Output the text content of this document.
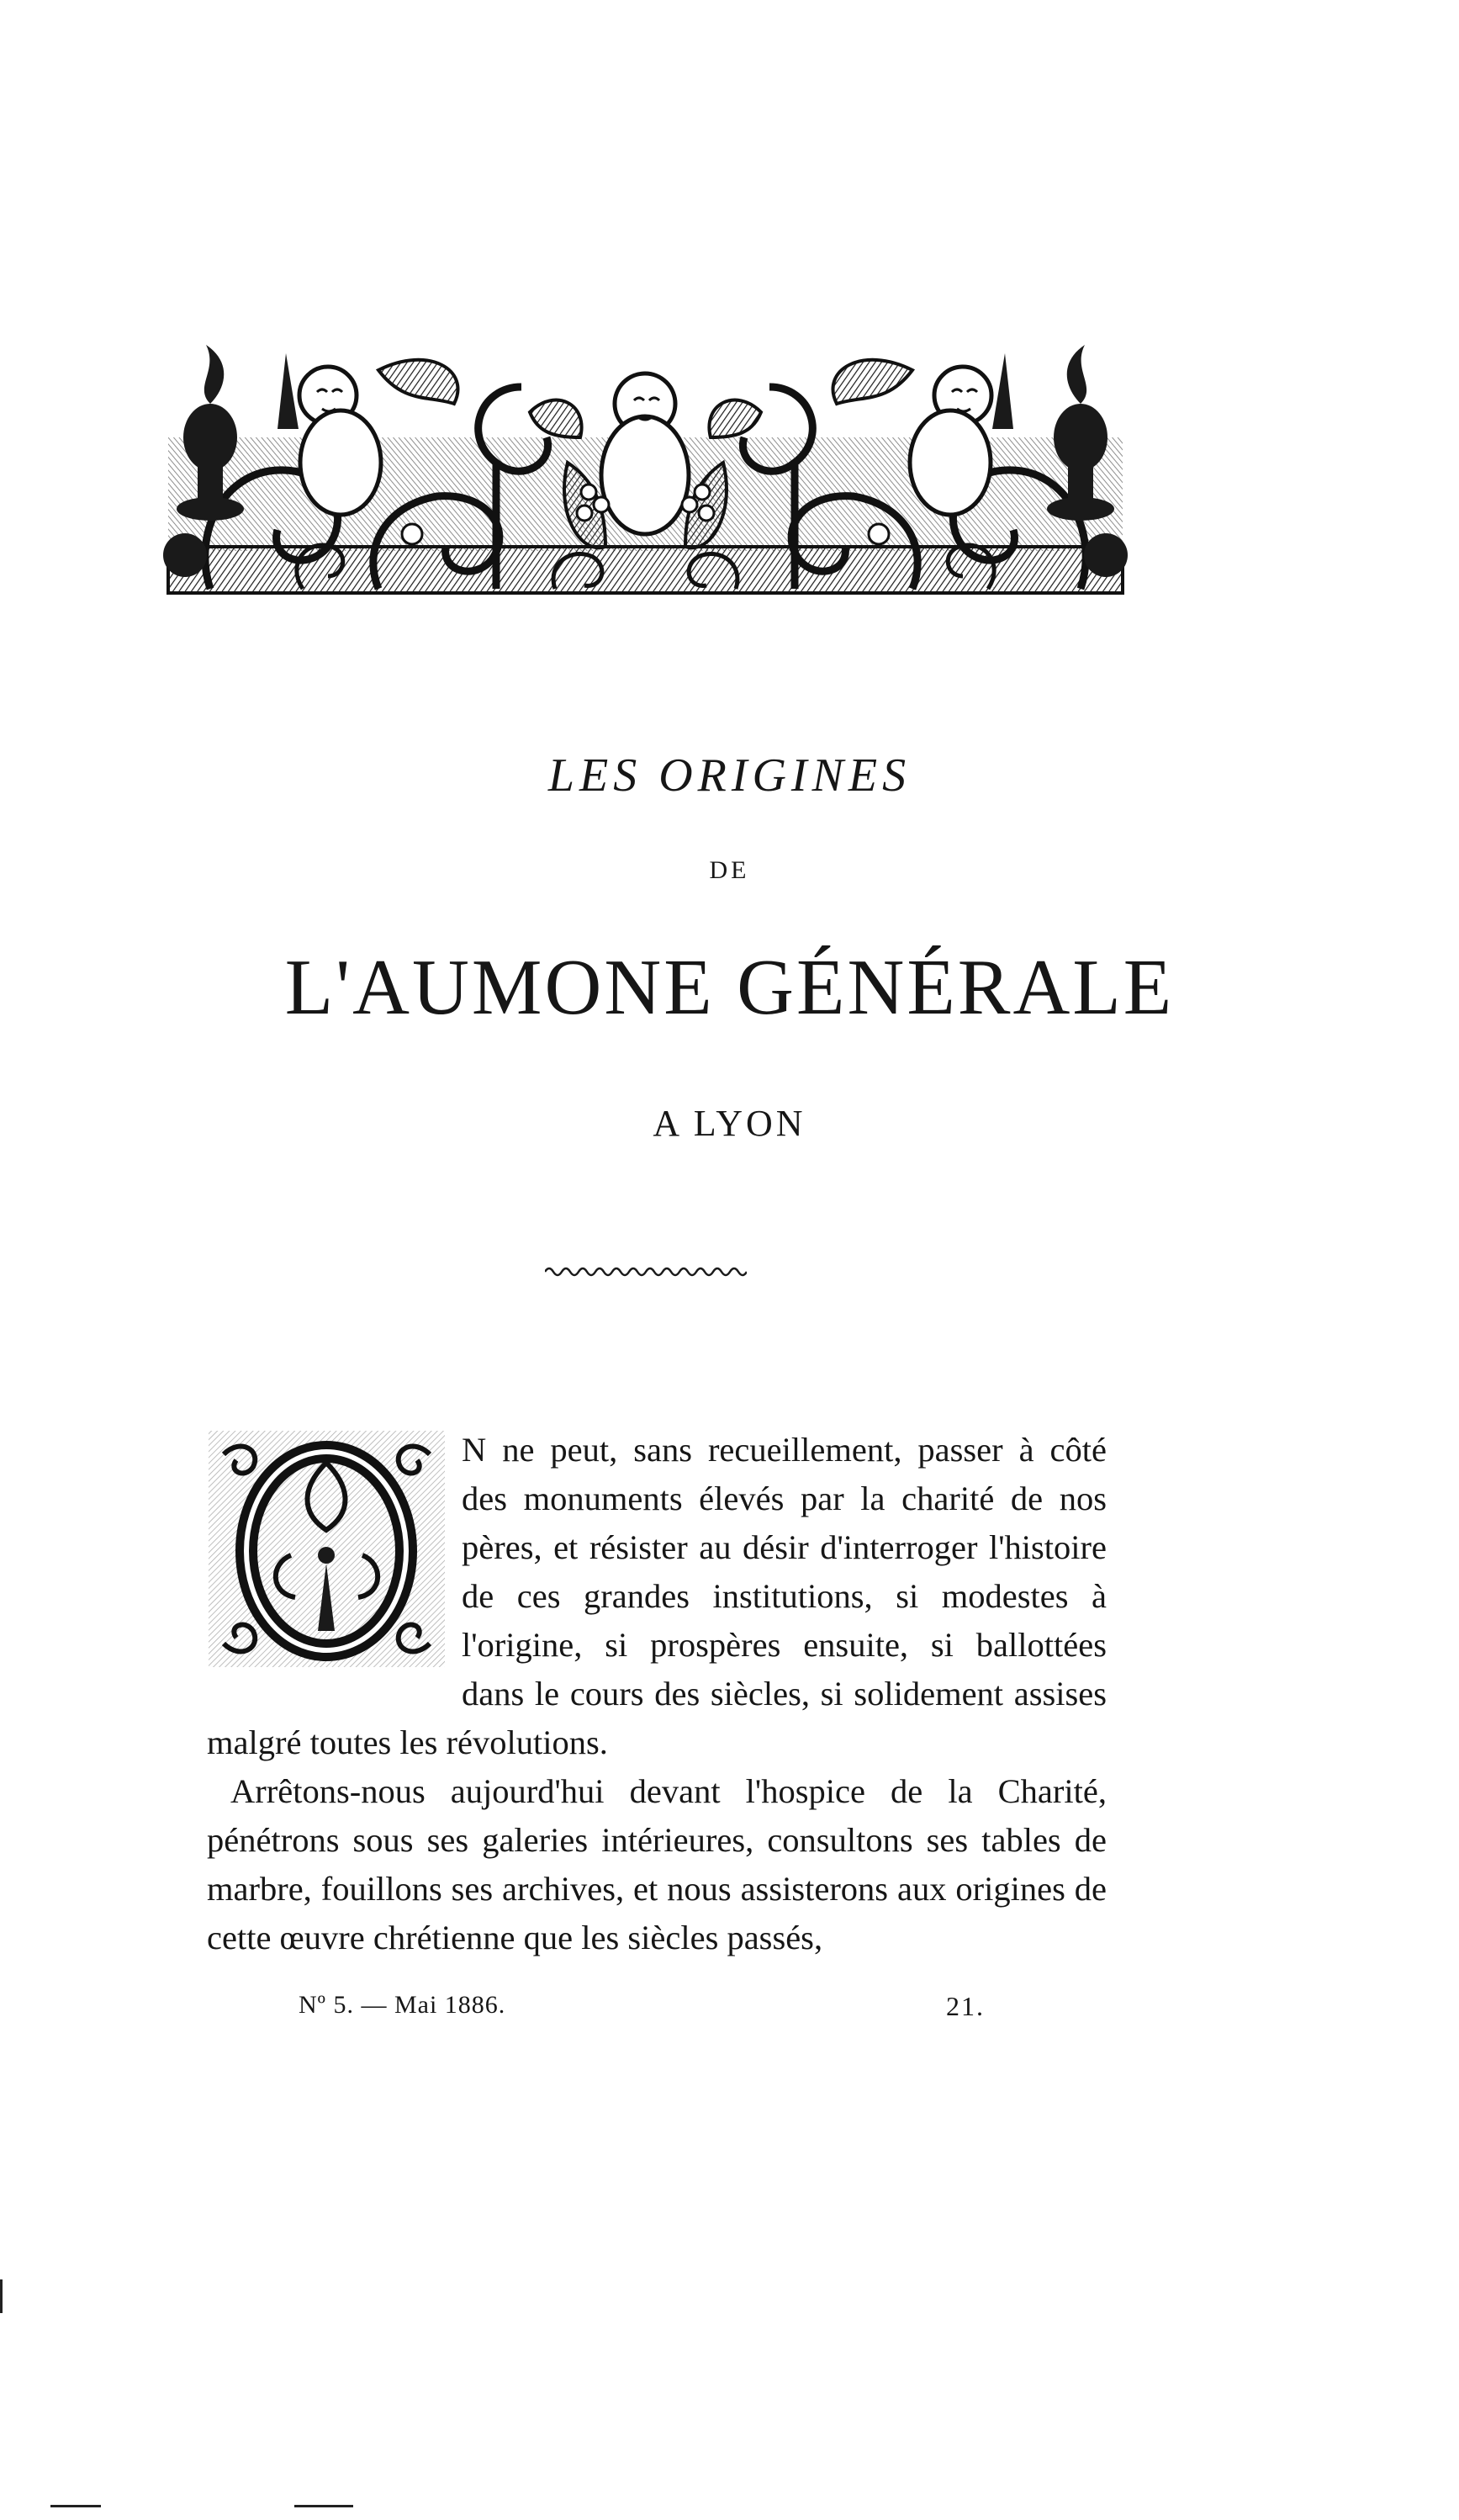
LES ORIGINES
DE
L'AUMONE GÉNÉRALE
A LYON

N ne peut, sans recueillement, passer à côté des monuments élevés par la charité de nos pères, et résister au désir d'interroger l'histoire de ces grandes institutions, si modestes à l'origine, si prospères ensuite, si ballottées dans le cours des siècles, si solidement assises malgré toutes les révolutions.

Arrêtons-nous aujourd'hui devant l'hospice de la Charité, pénétrons sous ses galeries intérieures, consultons ses tables de marbre, fouillons ses archives, et nous assisterons aux origines de cette œuvre chrétienne que les siècles passés,

Nº 5. — Mai 1886.	21.
